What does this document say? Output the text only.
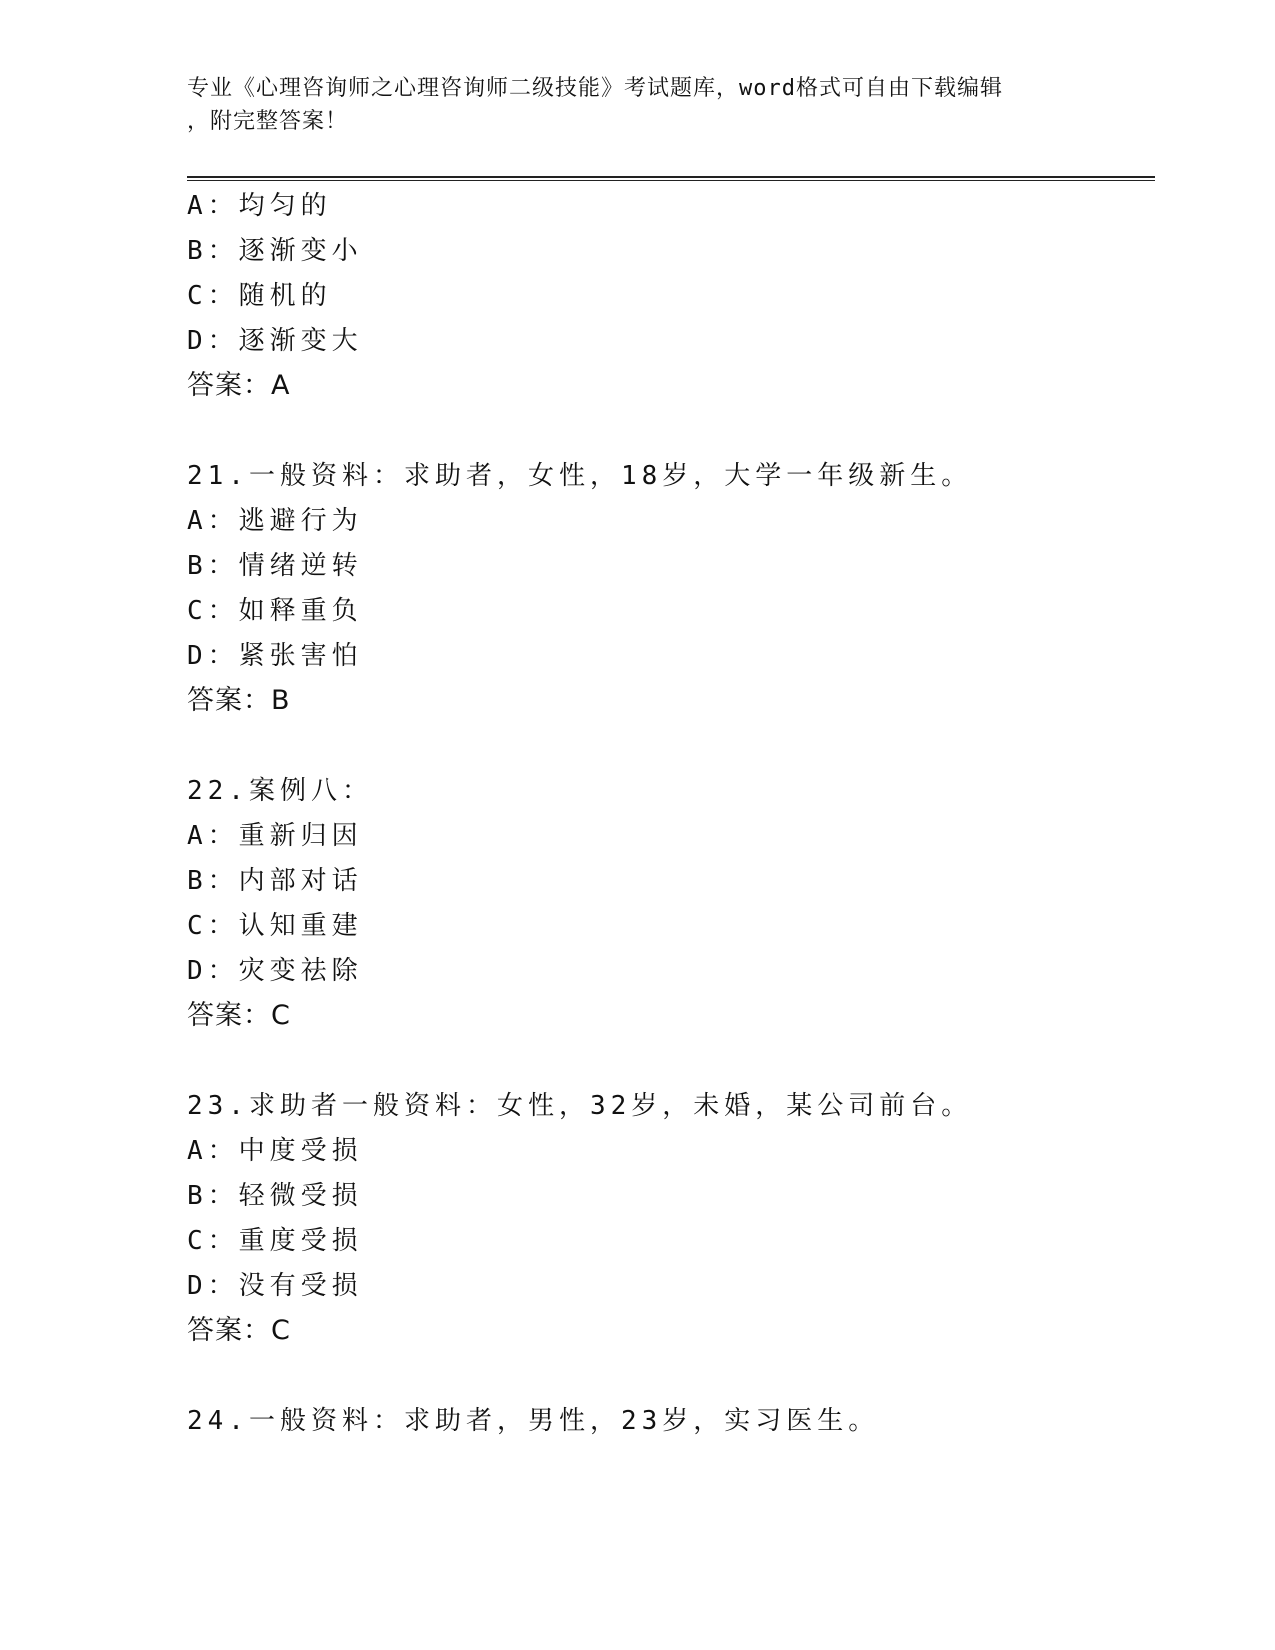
专业《心理咨询师之心理咨询师二级技能》考试题库，word格式可自由下载编辑
，附完整答案！
A：均匀的
B：逐渐变小
C：随机的
D：逐渐变大
答案：A
21.一般资料：求助者，女性，18岁，大学一年级新生。
A：逃避行为
B：情绪逆转
C：如释重负
D：紧张害怕
答案：B
22.案例八：
A：重新归因
B：内部对话
C：认知重建
D：灾变祛除
答案：C
23.求助者一般资料：女性，32岁，未婚，某公司前台。
A：中度受损
B：轻微受损
C：重度受损
D：没有受损
答案：C
24.一般资料：求助者，男性，23岁，实习医生。
